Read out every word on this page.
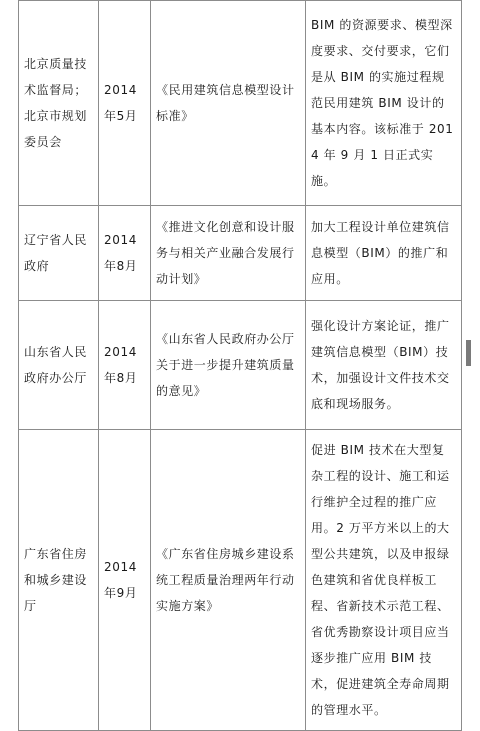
北京质量技术监督局；北京市规划委员会	2014年5月	《民用建筑信息模型设计标准》	BIM 的资源要求、模型深度要求、交付要求，它们是从 BIM 的实施过程规范民用建筑 BIM 设计的基本内容。该标准于 2014 年 9 月 1 日正式实施。
辽宁省人民政府	2014年8月	《推进文化创意和设计服务与相关产业融合发展行动计划》	加大工程设计单位建筑信息模型（BIM）的推广和应用。
山东省人民政府办公厅	2014年8月	《山东省人民政府办公厅关于进一步提升建筑质量的意见》	强化设计方案论证，推广建筑信息模型（BIM）技术，加强设计文件技术交底和现场服务。
广东省住房和城乡建设厅	2014年9月	《广东省住房城乡建设系统工程质量治理两年行动实施方案》	促进 BIM 技术在大型复杂工程的设计、施工和运行维护全过程的推广应用。2 万平方米以上的大型公共建筑，以及申报绿色建筑和省优良样板工程、省新技术示范工程、省优秀勘察设计项目应当逐步推广应用 BIM 技术，促进建筑全寿命周期的管理水平。
